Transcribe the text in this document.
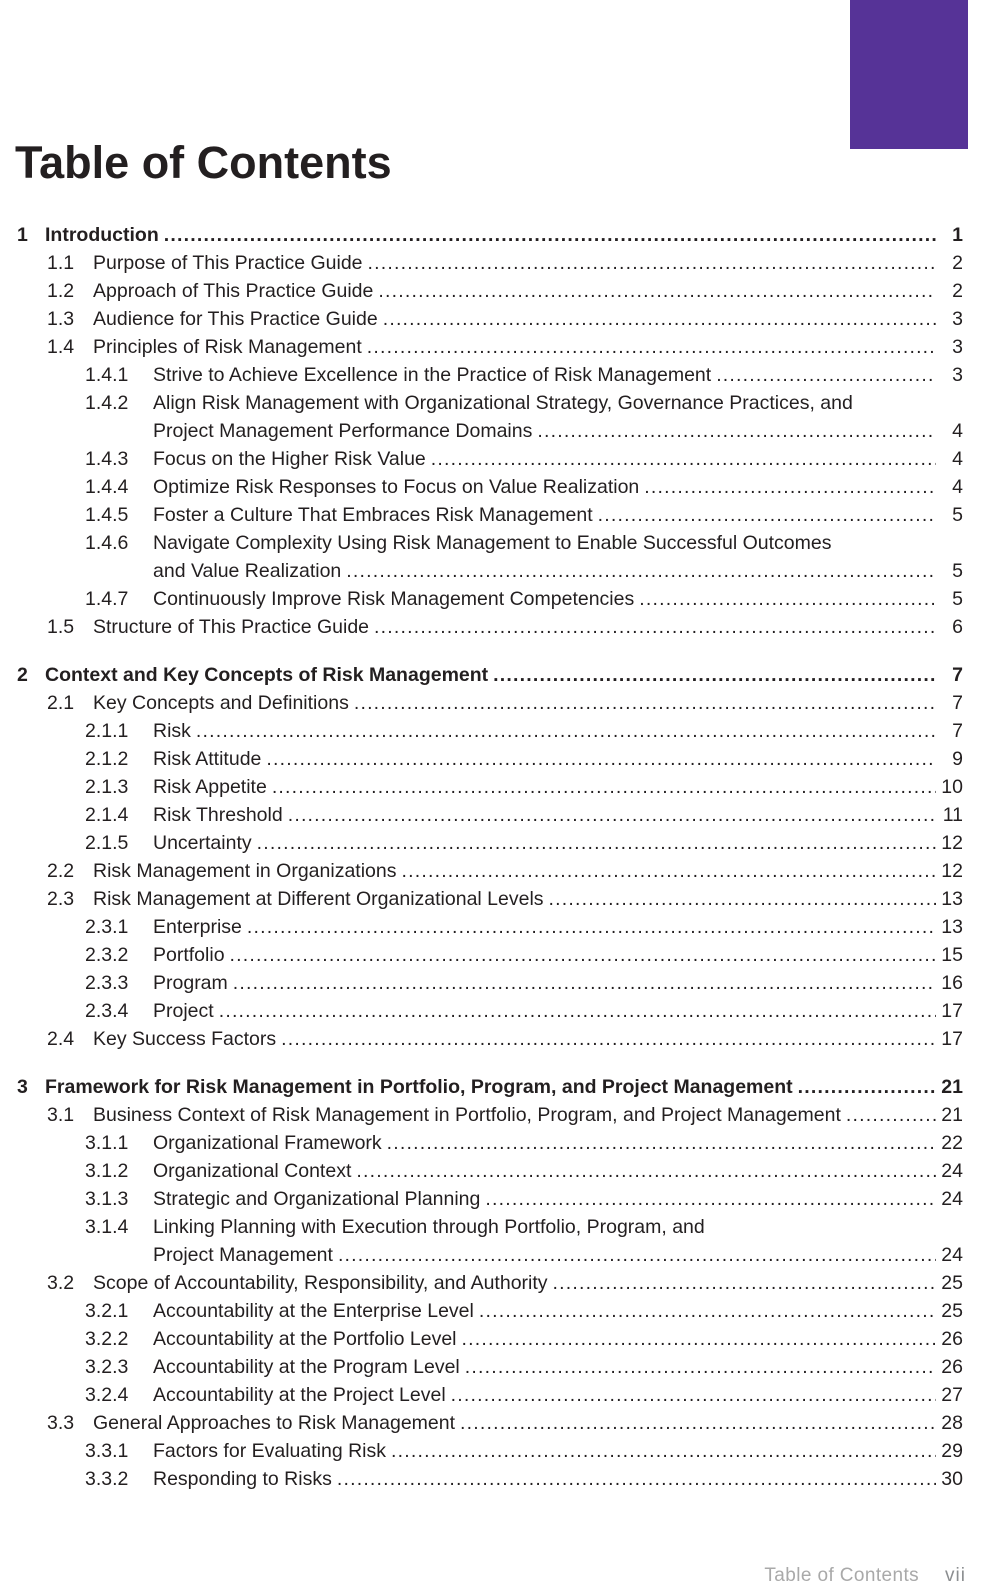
Table of Contents
1 Introduction .....	1
1.1 Purpose of This Practice Guide .....	2
1.2 Approach of This Practice Guide .....	2
1.3 Audience for This Practice Guide .....	3
1.4 Principles of Risk Management .....	3
1.4.1	Strive to Achieve Excellence in the Practice of Risk Management .....	3
1.4.2	Align Risk Management with Organizational Strategy, Governance Practices, and
Project Management Performance Domains .....	4
1.4.3	Focus on the Higher Risk Value .....	4
1.4.4	Optimize Risk Responses to Focus on Value Realization .....	4
1.4.5	Foster a Culture That Embraces Risk Management .....	5
1.4.6	Navigate Complexity Using Risk Management to Enable Successful Outcomes
and Value Realization .....	5
1.4.7	Continuously Improve Risk Management Competencies .....	5
1.5 Structure of This Practice Guide .....	6
2 Context and Key Concepts of Risk Management .....	7
2.1 Key Concepts and Definitions .....	7
2.1.1	Risk .....	7
2.1.2	Risk Attitude .....	9
2.1.3	Risk Appetite .....	10
2.1.4	Risk Threshold .....	11
2.1.5	Uncertainty .....	12
2.2 Risk Management in Organizations .....	12
2.3 Risk Management at Different Organizational Levels .....	13
2.3.1	Enterprise .....	13
2.3.2	Portfolio .....	15
2.3.3	Program .....	16
2.3.4	Project .....	17
2.4 Key Success Factors .....	17
3 Framework for Risk Management in Portfolio, Program, and Project Management .....	21
3.1 Business Context of Risk Management in Portfolio, Program, and Project Management .....	21
3.1.1	Organizational Framework .....	22
3.1.2	Organizational Context .....	24
3.1.3	Strategic and Organizational Planning .....	24
3.1.4	Linking Planning with Execution through Portfolio, Program, and
Project Management .....	24
3.2 Scope of Accountability, Responsibility, and Authority .....	25
3.2.1	Accountability at the Enterprise Level .....	25
3.2.2	Accountability at the Portfolio Level .....	26
3.2.3	Accountability at the Program Level .....	26
3.2.4	Accountability at the Project Level .....	27
3.3 General Approaches to Risk Management .....	28
3.3.1	Factors for Evaluating Risk .....	29
3.3.2	Responding to Risks .....	30
Table of Contents vii
